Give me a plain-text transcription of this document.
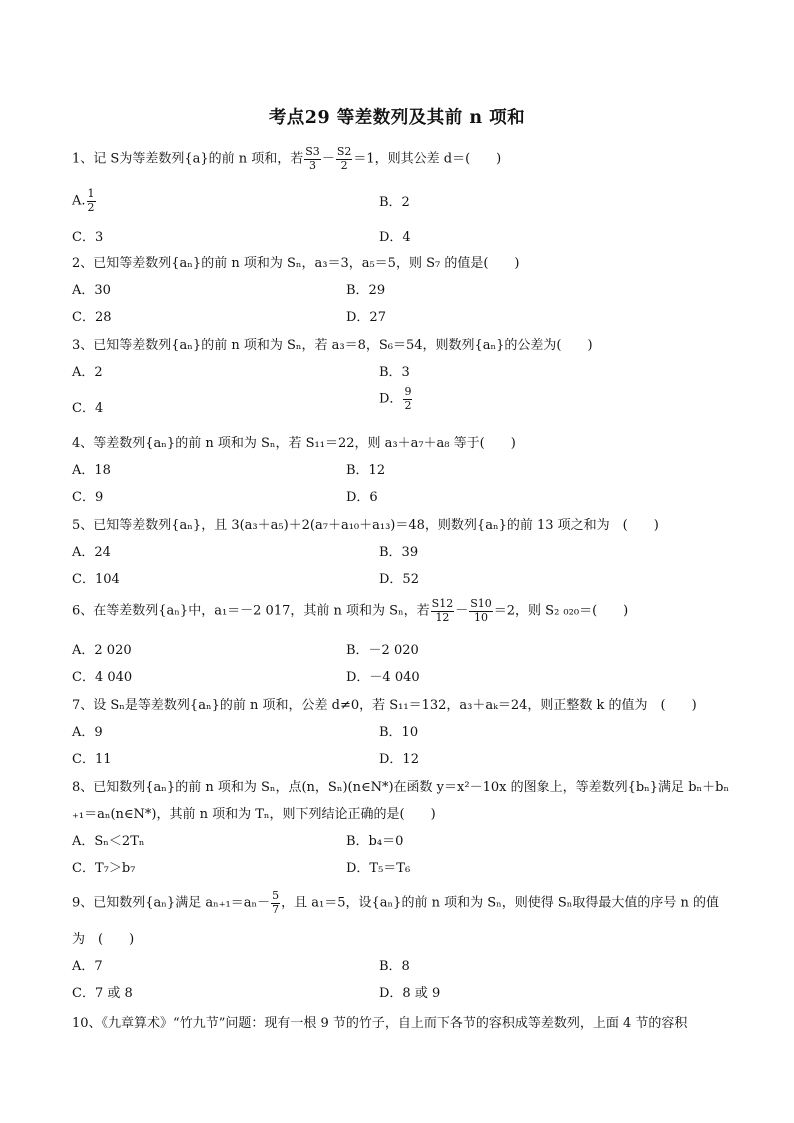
考点29 等差数列及其前 n 项和
1、记 S为等差数列{a}的前 n 项和，若 $\frac{S3}{3} - \frac{S2}{2} =1$，则其公差 d＝(　　)
A. $\frac{1}{2}$	B．2
C．3	D．4
2、已知等差数列{aₙ}的前 n 项和为 Sₙ，a₃＝3，a₅＝5，则 S₇ 的值是(　　)
A．30	B．29
C．28	D．27
3、已知等差数列{aₙ}的前 n 项和为 Sₙ，若 a₃＝8，S₆＝54，则数列{aₙ}的公差为(　　)
A．2	B．3
C．4
D． $\frac{9}{2}$
4、等差数列{aₙ}的前 n 项和为 Sₙ，若 S₁₁＝22，则 a₃＋a₇＋a₈ 等于(　　)
A．18	B．12
C．9	D．6
5、已知等差数列{aₙ}，且 3(a₃＋a₅)＋2(a₇＋a₁₀＋a₁₃)＝48，则数列{aₙ}的前 13 项之和为　(　　)
A．24	B．39
C．104	D．52
6、在等差数列{aₙ}中，a₁＝－2 017，其前 n 项和为 Sₙ，若 $\frac{S12}{12} - \frac{S10}{10} =2$，则 S₂ ₀₂₀＝(　　)
A．2 020	B．－2 020
C．4 040	D．－4 040
7、设 Sₙ是等差数列{aₙ}的前 n 项和，公差 d≠0，若 S₁₁＝132，a₃＋aₖ＝24，则正整数 k 的值为　(　　)
A．9	B．10
C．11	D．12
8、已知数列{aₙ}的前 n 项和为 Sₙ，点(n，Sₙ)(n∈N*)在函数 y＝x²－10x 的图象上，等差数列{bₙ}满足 bₙ＋bₙ
₊₁＝aₙ(n∈N*)，其前 n 项和为 Tₙ，则下列结论正确的是(　　)
A．Sₙ＜2Tₙ	B．b₄＝0
C．T₇＞b₇	D．T₅＝T₆
9、已知数列{aₙ}满足 $a_{n+1}=a_n- \frac{5}{7}$ ，且 a₁＝5，设{aₙ}的前 n 项和为 Sₙ，则使得 Sₙ取得最大值的序号 n 的值
为　(　　)
A．7	B．8
C．7 或 8	D．8 或 9
10、《九章算术》“竹九节”问题：现有一根 9 节的竹子，自上而下各节的容积成等差数列，上面 4 节的容积
